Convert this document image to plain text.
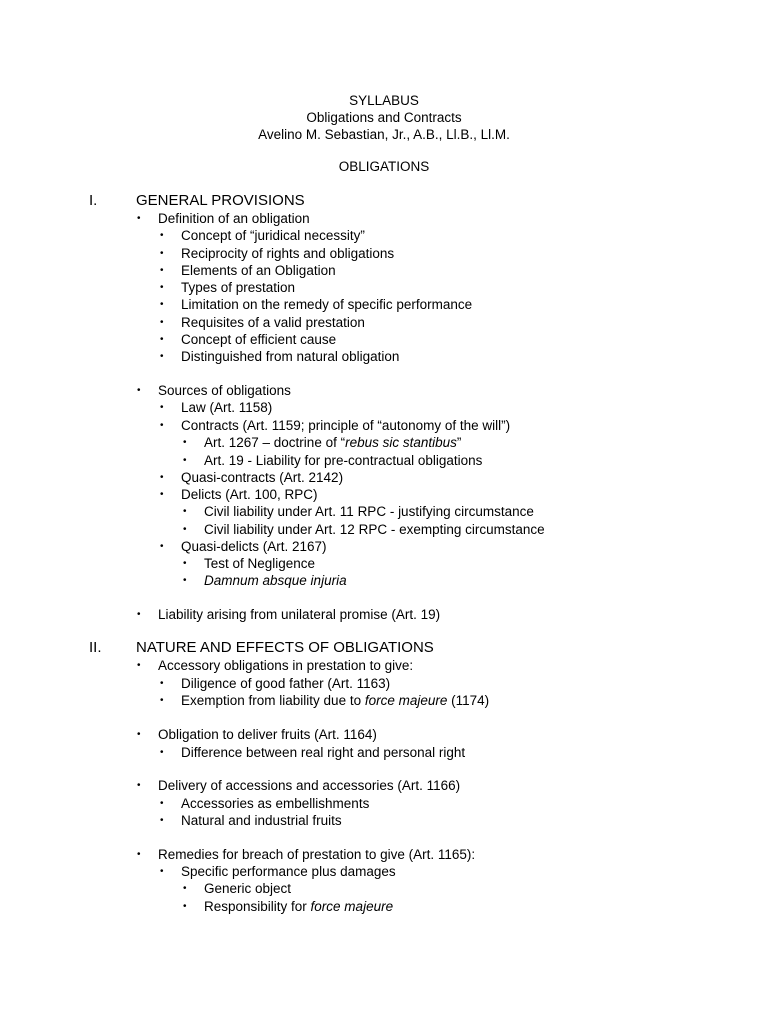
SYLLABUS
Obligations and Contracts
Avelino M. Sebastian, Jr., A.B., Ll.B., Ll.M.
OBLIGATIONS
I.	GENERAL PROVISIONS
• Definition of an obligation
• Concept of “juridical necessity”
• Reciprocity of rights and obligations
• Elements of an Obligation
• Types of prestation
• Limitation on the remedy of specific performance
• Requisites of a valid prestation
• Concept of efficient cause
• Distinguished from natural obligation
• Sources of obligations
• Law (Art. 1158)
• Contracts (Art. 1159; principle of “autonomy of the will”)
• Art. 1267 – doctrine of “rebus sic stantibus”
• Art. 19 - Liability for pre-contractual obligations
• Quasi-contracts (Art. 2142)
• Delicts (Art. 100, RPC)
• Civil liability under Art. 11 RPC - justifying circumstance
• Civil liability under Art. 12 RPC - exempting circumstance
• Quasi-delicts (Art. 2167)
• Test of Negligence
• Damnum absque injuria
• Liability arising from unilateral promise (Art. 19)
II. NATURE AND EFFECTS OF OBLIGATIONS
• Accessory obligations in prestation to give:
• Diligence of good father (Art. 1163)
• Exemption from liability due to force majeure (1174)
• Obligation to deliver fruits (Art. 1164)
• Difference between real right and personal right
• Delivery of accessions and accessories (Art. 1166)
• Accessories as embellishments
• Natural and industrial fruits
• Remedies for breach of prestation to give (Art. 1165):
• Specific performance plus damages
• Generic object
• Responsibility for force majeure
